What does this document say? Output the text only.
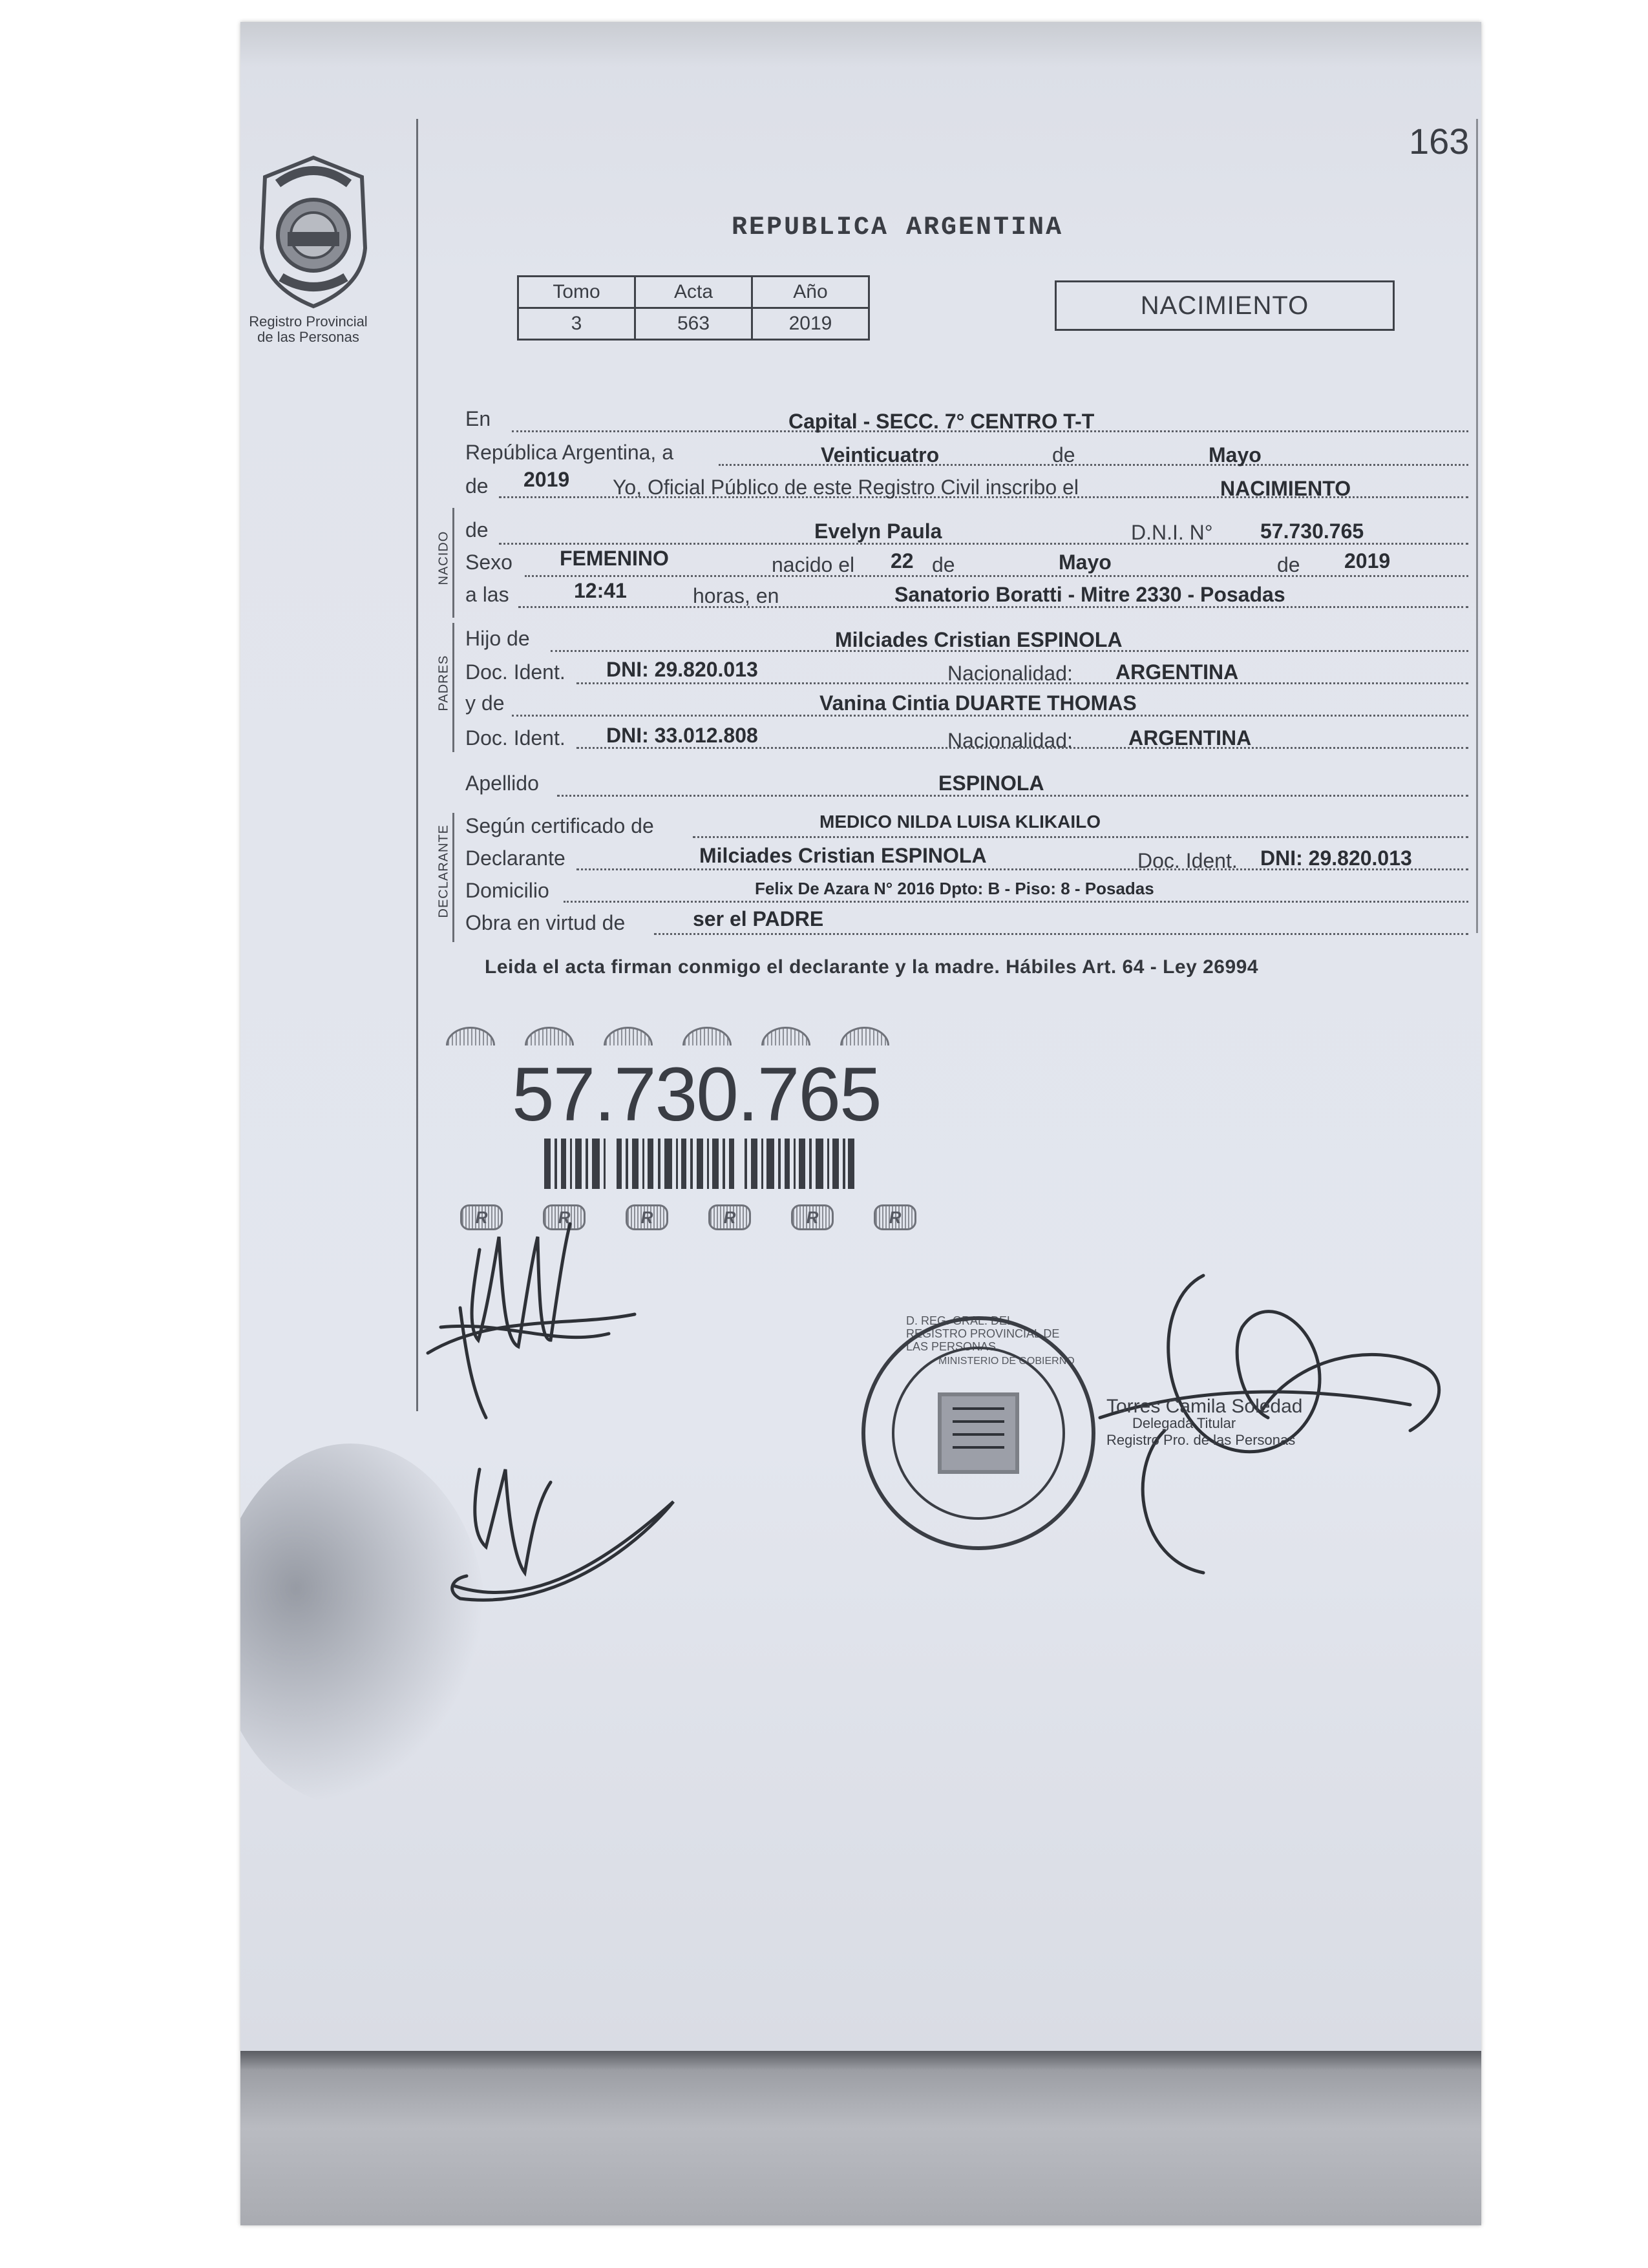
163
Registro Provincial
de las Personas
REPUBLICA ARGENTINA
Tomo	Acta	Año
3	563	2019
NACIMIENTO
NACIDO
PADRES
DECLARANTE
En	Capital - SECC. 7° CENTRO T-T
República Argentina, a	Veinticuatro	de	Mayo
de 2019 Yo, Oficial Público de este Registro Civil inscribo el	NACIMIENTO
de	Evelyn Paula	D.N.I. N° 57.730.765
Sexo FEMENINO	nacido el 22 de	Mayo	de 2019
a las	12:41	horas, en	Sanatorio Boratti - Mitre 2330 - Posadas
Hijo de	Milciades Cristian ESPINOLA
Doc. Ident. DNI: 29.820.013	Nacionalidad: ARGENTINA
y de	Vanina Cintia DUARTE THOMAS
Doc. Ident. DNI: 33.012.808	Nacionalidad:	ARGENTINA
Apellido	ESPINOLA
Según certificado de	MEDICO NILDA LUISA KLIKAILO
Declarante	Milciades Cristian ESPINOLA	Doc. Ident. DNI: 29.820.013
Domicilio	Felix De Azara N° 2016 Dpto: B - Piso: 8 - Posadas
Obra en virtud de	ser el PADRE
Leida el acta firman conmigo el declarante y la madre. Hábiles Art. 64 - Ley 26994
57.730.765
R	R	R	R	R	R
D. REG. GRAL. DEL REGISTRO PROVINCIAL DE LAS PERSONAS
MINISTERIO DE GOBIERNO
Torres Camila Soledad
Delegada Titular
Registro Pro. de las Personas
